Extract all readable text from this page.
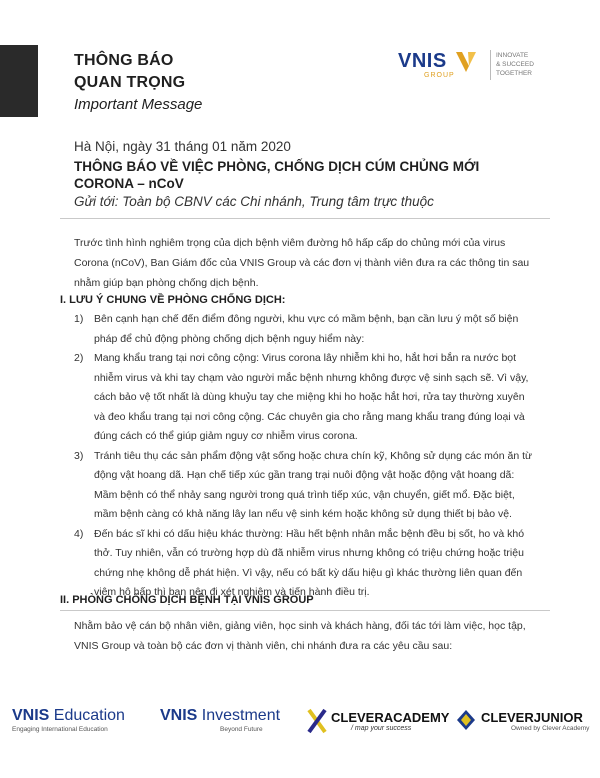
THÔNG BÁO
QUAN TRỌNG
Important Message
VNIS
GROUP
INNOVATE
& SUCCEED
TOGETHER
Hà Nội, ngày 31 tháng 01 năm 2020
THÔNG BÁO VỀ VIỆC PHÒNG, CHỐNG DỊCH CÚM CHỦNG MỚI CORONA – nCoV
Gửi tới: Toàn bộ CBNV các Chi nhánh, Trung tâm trực thuộc
Trước tình hình nghiêm trọng của dịch bệnh viêm đường hô hấp cấp do chủng mới của virus Corona (nCoV), Ban Giám đốc của VNIS Group và các đơn vị thành viên đưa ra các thông tin sau nhằm giúp bạn phòng chống dịch bệnh.
I. LƯU Ý CHUNG VỀ PHÒNG CHỐNG DỊCH:
1) Bên cạnh hạn chế đến điểm đông người, khu vực có mầm bệnh, bạn cần lưu ý một số biện pháp để chủ động phòng chống dịch bệnh nguy hiểm này:
2) Mang khẩu trang tại nơi công cộng: Virus corona lây nhiễm khi ho, hắt hơi bắn ra nước bọt nhiễm virus và khi tay chạm vào người mắc bệnh nhưng không được vệ sinh sạch sẽ. Vì vậy, cách bảo vệ tốt nhất là dùng khuỷu tay che miệng khi ho hoặc hắt hơi, rửa tay thường xuyên và đeo khẩu trang tại nơi công cộng. Các chuyên gia cho rằng mang khẩu trang đúng loại và đúng cách có thể giúp giảm nguy cơ nhiễm virus corona.
3) Tránh tiêu thụ các sản phẩm động vật sống hoặc chưa chín kỹ, Không sử dụng các món ăn từ động vật hoang dã. Hạn chế tiếp xúc gần trang trại nuôi động vật hoặc động vật hoang dã: Mầm bệnh có thể nhảy sang người trong quá trình tiếp xúc, vận chuyển, giết mổ. Đặc biệt, mầm bệnh càng có khả năng lây lan nếu vệ sinh kém hoặc không sử dụng thiết bị bảo vệ.
4) Đến bác sĩ khi có dấu hiệu khác thường: Hầu hết bệnh nhân mắc bệnh đều bị sốt, ho và khó thở. Tuy nhiên, vẫn có trường hợp dù đã nhiễm virus nhưng không có triệu chứng hoặc triệu chứng nhẹ không dễ phát hiện. Vì vậy, nếu có bất kỳ dấu hiệu gì khác thường liên quan đến viêm hô hấp thì bạn nên đi xét nghiệm và tiến hành điều trị.
II. PHÒNG CHỐNG DỊCH BỆNH TẠI VNIS GROUP
Nhằm bảo vệ cán bộ nhân viên, giảng viên, học sinh và khách hàng, đối tác tới làm việc, học tập, VNIS Group và toàn bộ các đơn vị thành viên, chi nhánh đưa ra các yêu cầu sau:
VNIS Education
Engaging International Education
VNIS Investment
Beyond Future
CLEVERACADEMY
/ map your success
CLEVERJUNIOR
Owned by Clever Academy
